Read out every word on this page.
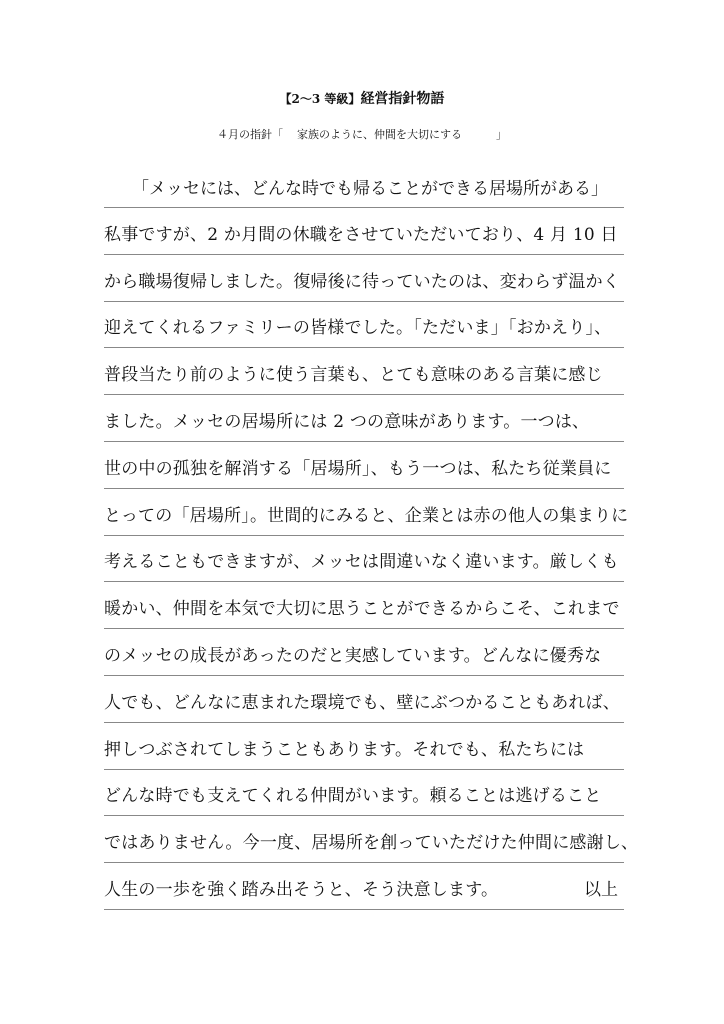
【2〜3 等級】経営指針物語
４月の指針「 家族のように、仲間を大切にする	」
「メッセには、どんな時でも帰ることができる居場所がある」
私事ですが、2 か月間の休職をさせていただいており、4 月 10 日
から職場復帰しました。復帰後に待っていたのは、変わらず温かく
迎えてくれるファミリーの皆様でした。「ただいま」「おかえり」、
普段当たり前のように使う言葉も、とても意味のある言葉に感じ
ました。メッセの居場所には 2 つの意味があります。一つは、
世の中の孤独を解消する「居場所」、もう一つは、私たち従業員に
とっての「居場所」。世間的にみると、企業とは赤の他人の集まりに
考えることもできますが、メッセは間違いなく違います。厳しくも
暖かい、仲間を本気で大切に思うことができるからこそ、これまで
のメッセの成長があったのだと実感しています。どんなに優秀な
人でも、どんなに恵まれた環境でも、壁にぶつかることもあれば、
押しつぶされてしまうこともあります。それでも、私たちには
どんな時でも支えてくれる仲間がいます。頼ることは逃げること
ではありません。今一度、居場所を創っていただけた仲間に感謝し、
人生の一歩を強く踏み出そうと、そう決意します。	以上
